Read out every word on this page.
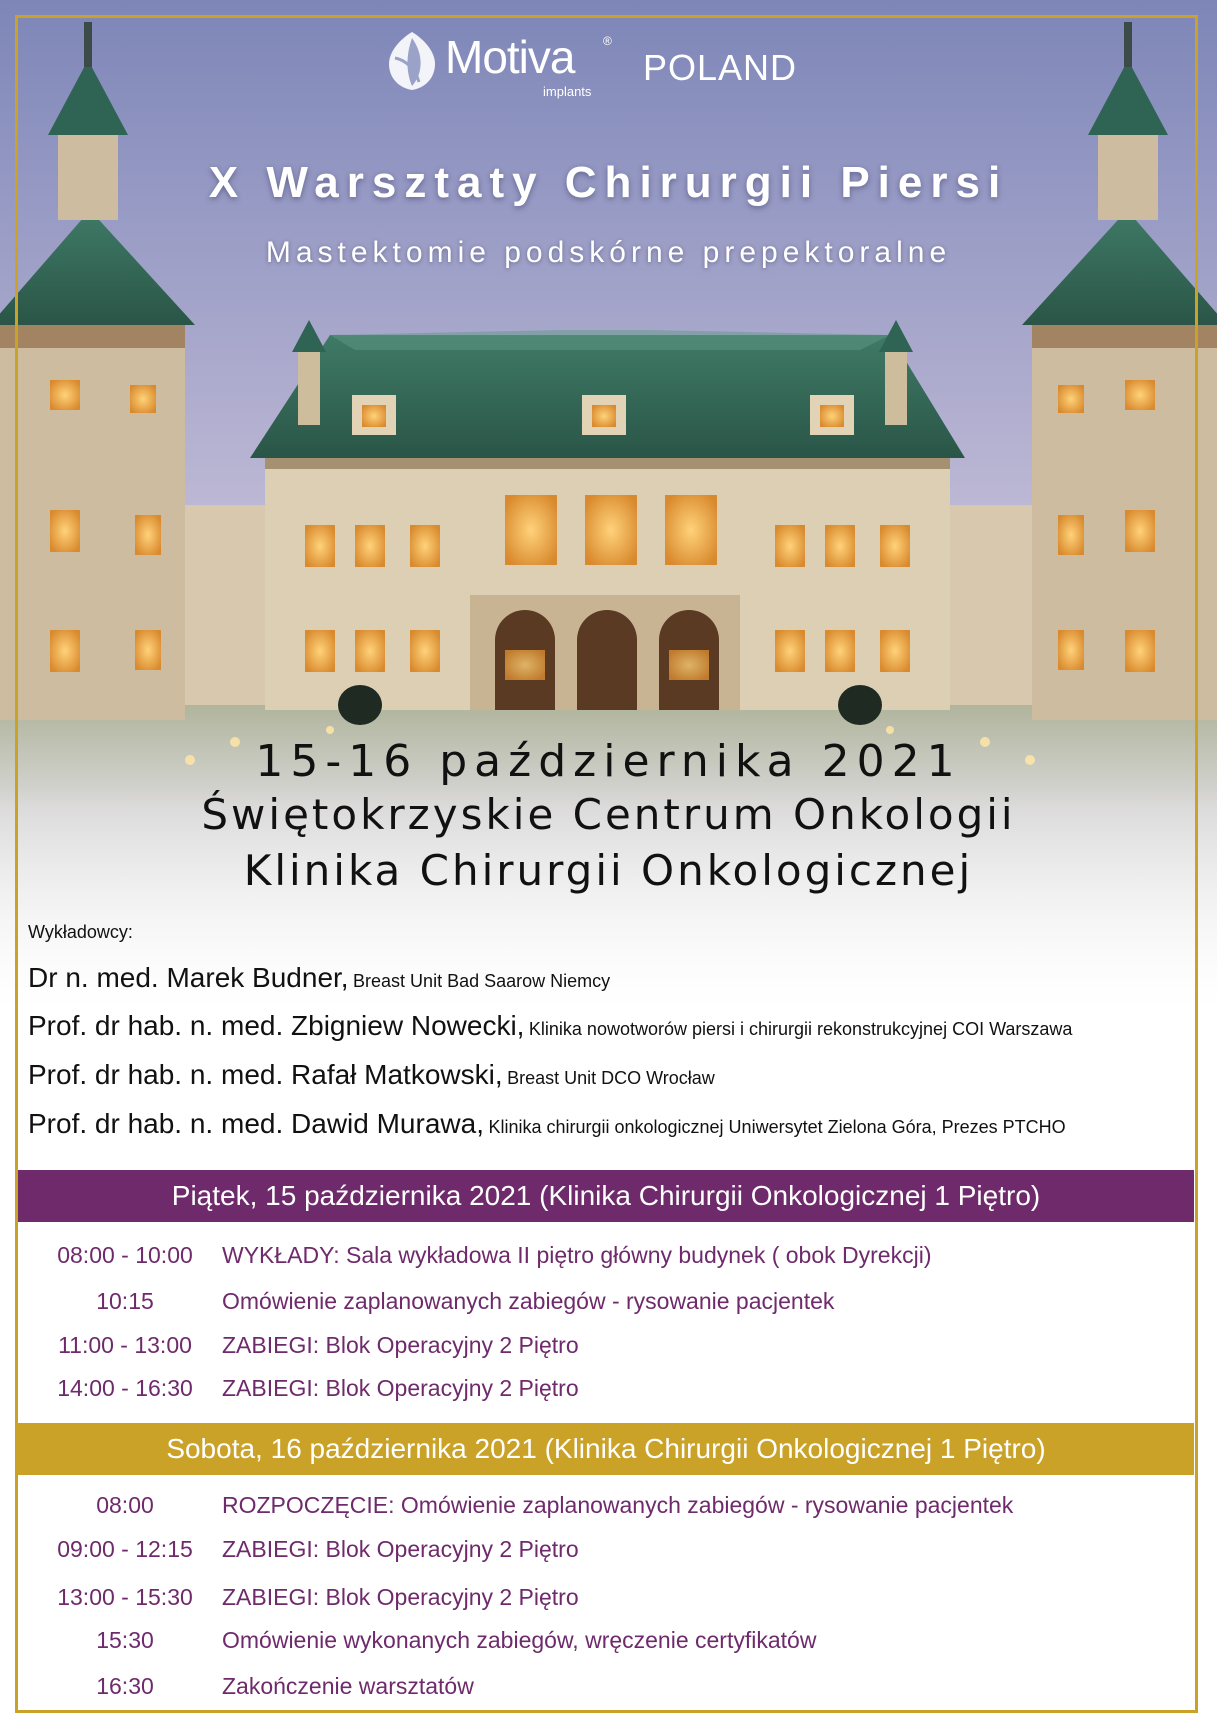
Motiva ®
implants
POLAND
X Warsztaty Chirurgii Piersi
Mastektomie podskórne prepektoralne
15-16 października 2021
Świętokrzyskie Centrum Onkologii
Klinika Chirurgii Onkologicznej
Wykładowcy:
Dr n. med. Marek Budner, Breast Unit Bad Saarow Niemcy
Prof. dr hab. n. med. Zbigniew Nowecki, Klinika nowotworów piersi i chirurgii rekonstrukcyjnej COI Warszawa
Prof. dr hab. n. med. Rafał Matkowski, Breast Unit DCO Wrocław
Prof. dr hab. n. med. Dawid Murawa, Klinika chirurgii onkologicznej Uniwersytet Zielona Góra, Prezes PTCHO
Piątek, 15 października 2021 (Klinika Chirurgii Onkologicznej 1 Piętro)
08:00 - 10:00	WYKŁADY: Sala wykładowa II piętro główny budynek ( obok Dyrekcji)
10:15	Omówienie zaplanowanych zabiegów - rysowanie pacjentek
11:00 - 13:00	ZABIEGI: Blok Operacyjny 2 Piętro
14:00 - 16:30	ZABIEGI: Blok Operacyjny 2 Piętro
Sobota, 16 października 2021 (Klinika Chirurgii Onkologicznej 1 Piętro)
08:00	ROZPOCZĘCIE: Omówienie zaplanowanych zabiegów - rysowanie pacjentek
09:00 - 12:15	ZABIEGI: Blok Operacyjny 2 Piętro
13:00 - 15:30	ZABIEGI: Blok Operacyjny 2 Piętro
15:30	Omówienie wykonanych zabiegów, wręczenie certyfikatów
16:30	Zakończenie warsztatów
